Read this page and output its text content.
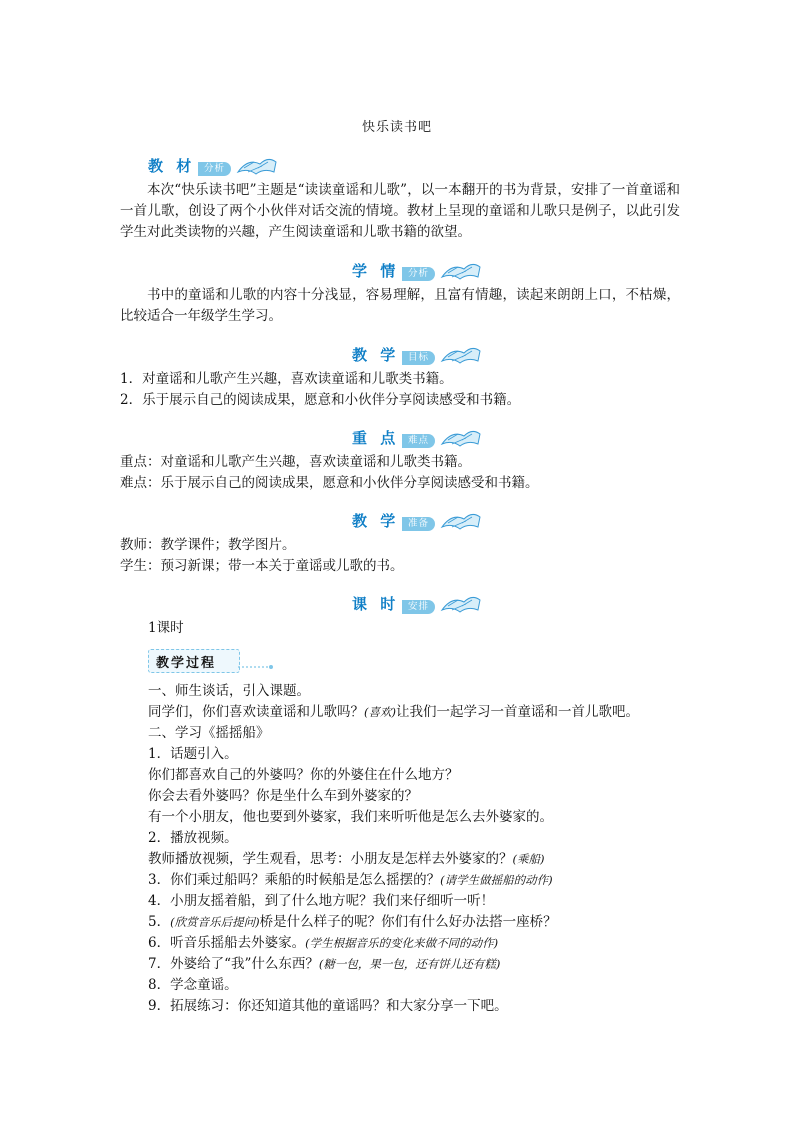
快乐读书吧
教 材 分析

本次“快乐读书吧”主题是“读读童谣和儿歌”，以一本翻开的书为背景，安排了一首童谣和一首儿歌，创设了两个小伙伴对话交流的情境。教材上呈现的童谣和儿歌只是例子，以此引发学生对此类读物的兴趣，产生阅读童谣和儿歌书籍的欲望。

学 情 分析

书中的童谣和儿歌的内容十分浅显，容易理解，且富有情趣，读起来朗朗上口，不枯燥，比较适合一年级学生学习。

教 学 目标

1．对童谣和儿歌产生兴趣，喜欢读童谣和儿歌类书籍。

2．乐于展示自己的阅读成果，愿意和小伙伴分享阅读感受和书籍。

重 点 难点

重点：对童谣和儿歌产生兴趣，喜欢读童谣和儿歌类书籍。

难点：乐于展示自己的阅读成果，愿意和小伙伴分享阅读感受和书籍。

教 学 准备

教师：教学课件；教学图片。

学生：预习新课；带一本关于童谣或儿歌的书。

课 时 安排

1课时

教学过程

一、师生谈话，引入课题。

同学们，你们喜欢读童谣和儿歌吗？(喜欢)让我们一起学习一首童谣和一首儿歌吧。

二、学习《摇摇船》

1．话题引入。

你们都喜欢自己的外婆吗？你的外婆住在什么地方？

你会去看外婆吗？你是坐什么车到外婆家的？

有一个小朋友，他也要到外婆家，我们来听听他是怎么去外婆家的。

2．播放视频。

教师播放视频，学生观看，思考：小朋友是怎样去外婆家的？(乘船)

3．你们乘过船吗？乘船的时候船是怎么摇摆的？(请学生做摇船的动作)

4．小朋友摇着船，到了什么地方呢？我们来仔细听一听！

5．(欣赏音乐后提问)桥是什么样子的呢？你们有什么好办法搭一座桥？

6．听音乐摇船去外婆家。(学生根据音乐的变化来做不同的动作)

7．外婆给了“我”什么东西？(糖一包，果一包，还有饼儿还有糕)

8．学念童谣。

9．拓展练习：你还知道其他的童谣吗？和大家分享一下吧。
